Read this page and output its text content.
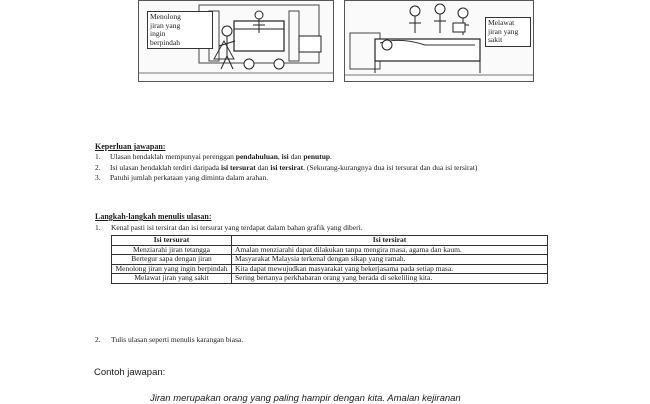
Menolong
jiran yang
ingin
berpindah
Melawat
jiran yang
sakit
Keperluan jawapan:
1. Ulasan hendaklah mempunyai perenggan pendahuluan, isi dan penutup.
2. Isi ulasan hendaklah terdiri daripada isi tersurat dan isi tersirat. (Sekurang-kurangnya dua isi tersurat dan dua isi tersirat)
3. Patuhi jumlah perkataan yang diminta dalam arahan.
Langkah-langkah menulis ulasan:
1. Kenal pasti isi tersirat dan isi tersurat yang terdapat dalam bahan grafik yang diberi.
Isi tersurat	Isi tersirat
Menziarahi jiran tetangga	Amalan menziarahi dapat dilakukan tanpa mengira masa, agama dan kaum.
Bertegur sapa dengan jiran	Masyarakat Malaysia terkenal dengan sikap yang ramah.
Menolong jiran yang ingin berpindah	Kita dapat mewujudkan masyarakat yang bekerjasama pada setiap masa.
Melawat jiran yang sakit	Sering bertanya perkhabaran orang yang berada di sekeliling kita.
2. Tulis ulasan seperti menulis karangan biasa.
Contoh jawapan:
Jiran merupakan orang yang paling hampir dengan kita. Amalan kejiranan
